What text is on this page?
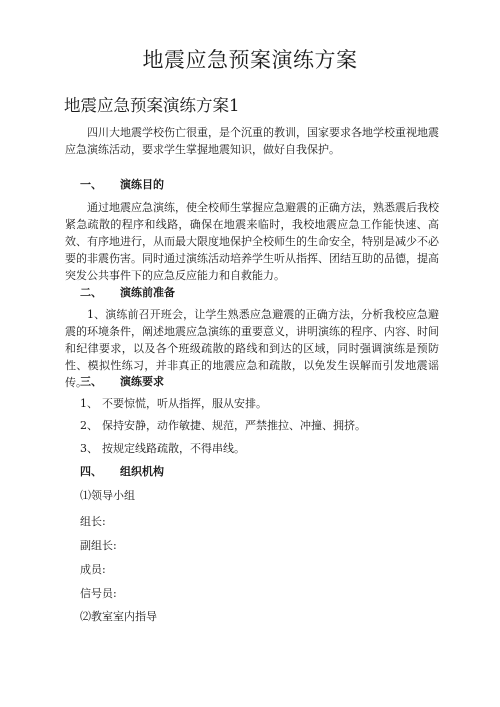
地震应急预案演练方案
地震应急预案演练方案1

四川大地震学校伤亡很重，是个沉重的教训，国家要求各地学校重视地震应急演练活动，要求学生掌握地震知识，做好自我保护。

一、 演练目的

通过地震应急演练，使全校师生掌握应急避震的正确方法，熟悉震后我校紧急疏散的程序和线路，确保在地震来临时，我校地震应急工作能快速、高效、有序地进行，从而最大限度地保护全校师生的生命安全，特别是减少不必要的非震伤害。同时通过演练活动培养学生听从指挥、团结互助的品德，提高突发公共事件下的应急反应能力和自救能力。

二、 演练前准备

1、演练前召开班会，让学生熟悉应急避震的正确方法，分析我校应急避震的环境条件，阐述地震应急演练的重要意义，讲明演练的程序、内容、时间和纪律要求，以及各个班级疏散的路线和到达的区域，同时强调演练是预防性、模拟性练习，并非真正的地震应急和疏散，以免发生误解而引发地震谣传。

三、 演练要求
1、 不要惊慌，听从指挥，服从安排。
2、 保持安静，动作敏捷、规范，严禁推拉、冲撞、拥挤。
3、 按规定线路疏散，不得串线。
四、 组织机构
⑴领导小组
组长:
副组长:
成员:
信号员:
⑵教室室内指导
